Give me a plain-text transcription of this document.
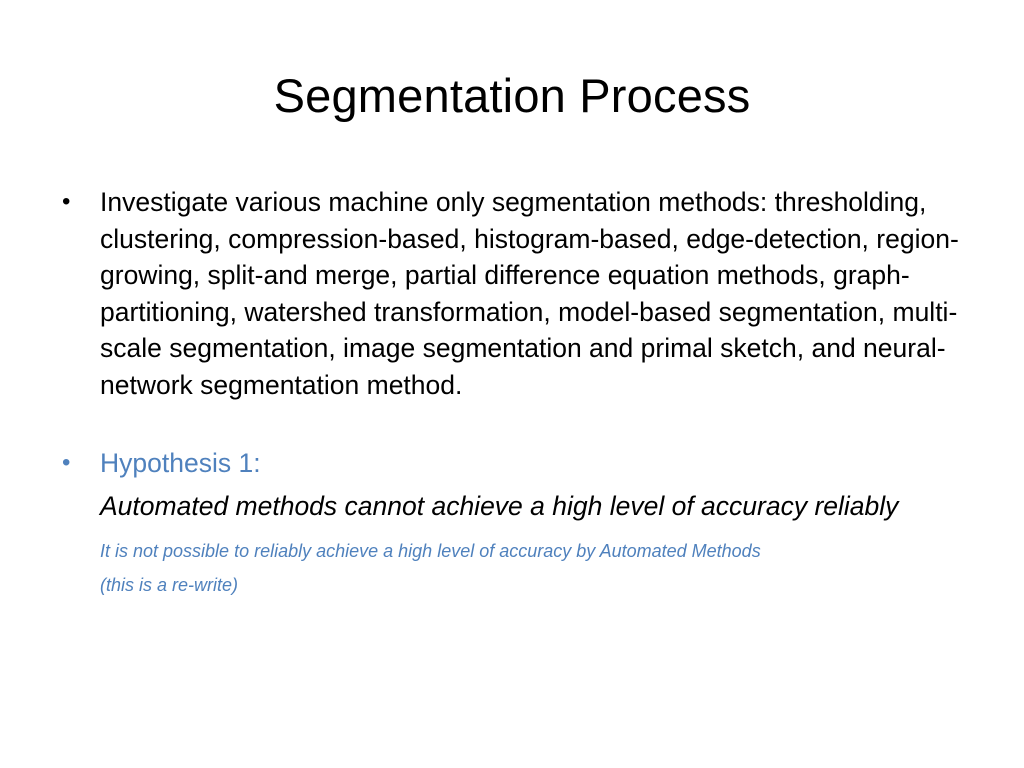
Segmentation Process
•	Investigate various machine only segmentation methods: thresholding, clustering, compression-based, histogram-based, edge-detection, region-growing, split-and merge, partial difference equation methods, graph-partitioning, watershed transformation, model-based segmentation, multi-scale segmentation, image segmentation and primal sketch, and neural-network segmentation method.
•	Hypothesis 1:
Automated methods cannot achieve a high level of accuracy reliably
It is not possible to reliably achieve a high level of accuracy by Automated Methods
(this is a re-write)
